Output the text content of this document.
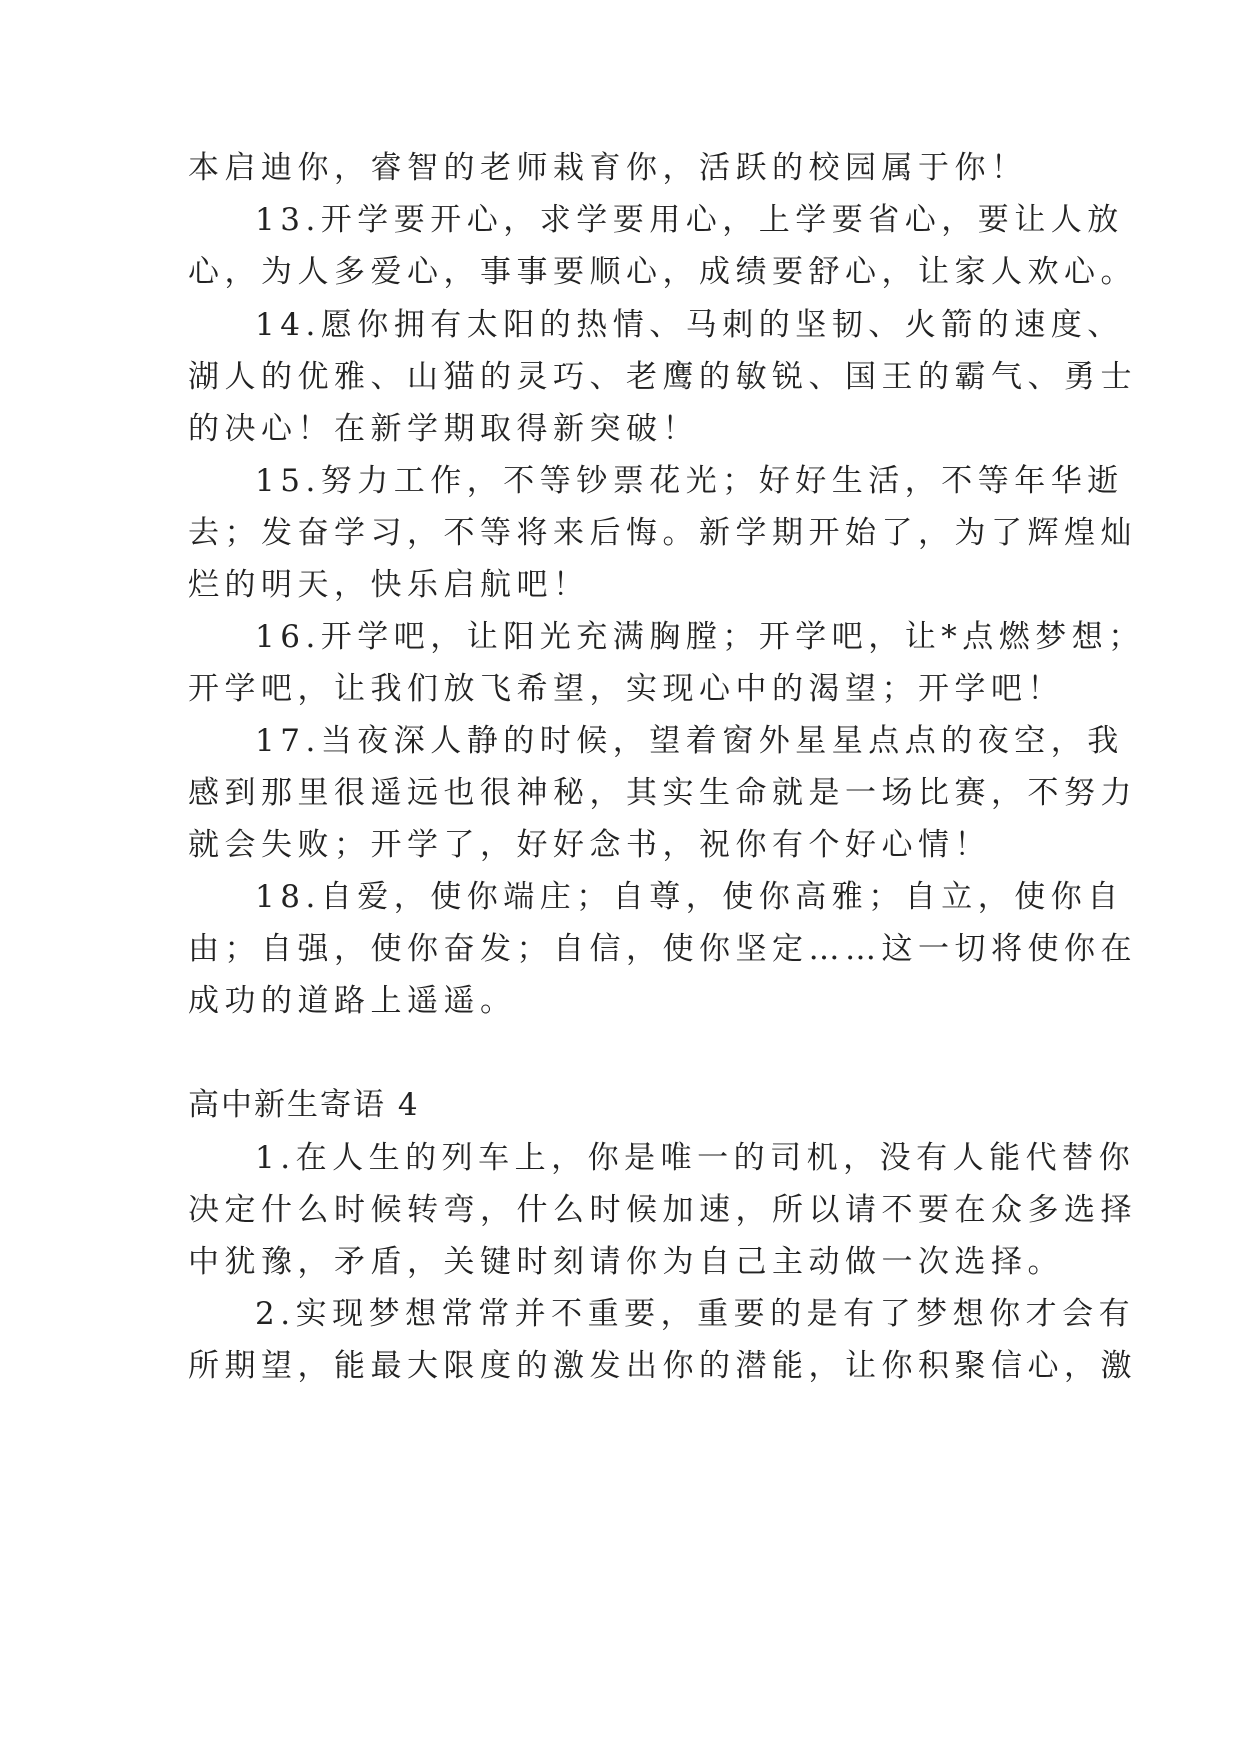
本启迪你，睿智的老师栽育你，活跃的校园属于你！
13.开学要开心，求学要用心，上学要省心，要让人放
心，为人多爱心，事事要顺心，成绩要舒心，让家人欢心。
14.愿你拥有太阳的热情、马刺的坚韧、火箭的速度、
湖人的优雅、山猫的灵巧、老鹰的敏锐、国王的霸气、勇士
的决心！在新学期取得新突破！
15.努力工作，不等钞票花光；好好生活，不等年华逝
去；发奋学习，不等将来后悔。新学期开始了，为了辉煌灿
烂的明天，快乐启航吧！
16.开学吧，让阳光充满胸膛；开学吧，让*点燃梦想；
开学吧，让我们放飞希望，实现心中的渴望；开学吧！
17.当夜深人静的时候，望着窗外星星点点的夜空，我
感到那里很遥远也很神秘，其实生命就是一场比赛，不努力
就会失败；开学了，好好念书，祝你有个好心情！
18.自爱，使你端庄；自尊，使你高雅；自立，使你自
由；自强，使你奋发；自信，使你坚定……这一切将使你在
成功的道路上遥遥。
高中新生寄语 4
1.在人生的列车上，你是唯一的司机，没有人能代替你
决定什么时候转弯，什么时候加速，所以请不要在众多选择
中犹豫，矛盾，关键时刻请你为自己主动做一次选择。
2.实现梦想常常并不重要，重要的是有了梦想你才会有
所期望，能最大限度的激发出你的潜能，让你积聚信心，激
